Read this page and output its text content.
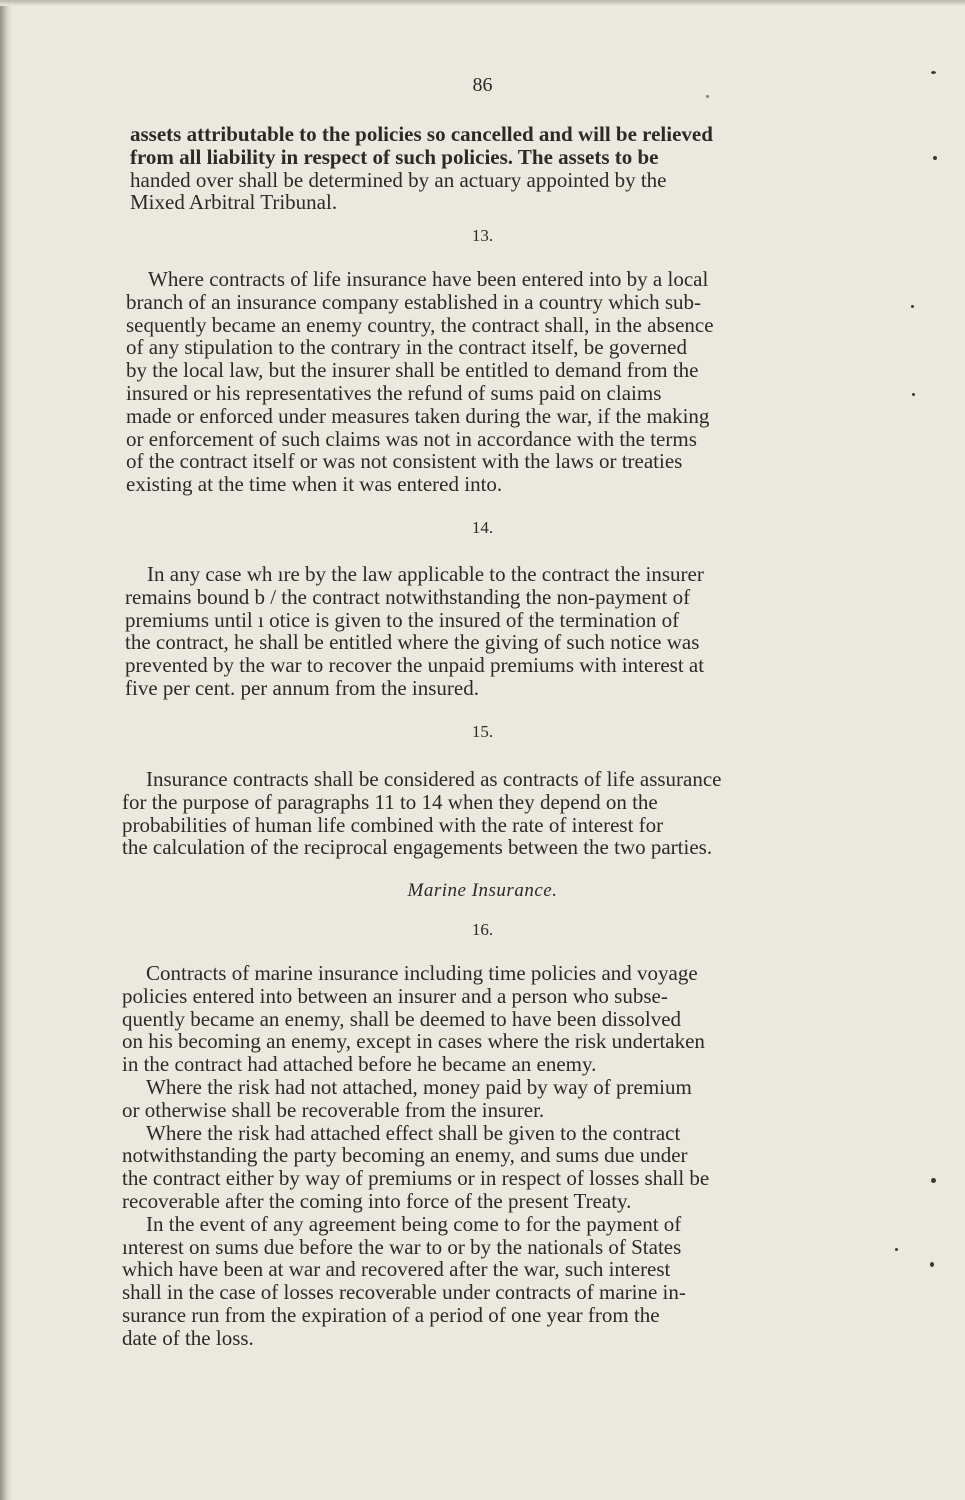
86

assets attributable to the policies so cancelled and will be relieved
from all liability in respect of such policies. The assets to be
handed over shall be determined by an actuary appointed by the
Mixed Arbitral Tribunal.

13.

Where contracts of life insurance have been entered into by a local
branch of an insurance company established in a country which sub-
sequently became an enemy country, the contract shall, in the absence
of any stipulation to the contrary in the contract itself, be governed
by the local law, but the insurer shall be entitled to demand from the
insured or his representatives the refund of sums paid on claims
made or enforced under measures taken during the war, if the making
or enforcement of such claims was not in accordance with the terms
of the contract itself or was not consistent with the laws or treaties
existing at the time when it was entered into.

14.

In any case wh ıre by the law applicable to the contract the insurer
remains bound b / the contract notwithstanding the non-payment of
premiums until ı otice is given to the insured of the termination of
the contract, he shall be entitled where the giving of such notice was
prevented by the war to recover the unpaid premiums with interest at
five per cent. per annum from the insured.

15.

Insurance contracts shall be considered as contracts of life assurance
for the purpose of paragraphs 11 to 14 when they depend on the
probabilities of human life combined with the rate of interest for
the calculation of the reciprocal engagements between the two parties.

Marine Insurance.

16.

Contracts of marine insurance including time policies and voyage
policies entered into between an insurer and a person who subse-
quently became an enemy, shall be deemed to have been dissolved
on his becoming an enemy, except in cases where the risk undertaken
in the contract had attached before he became an enemy.
Where the risk had not attached, money paid by way of premium
or otherwise shall be recoverable from the insurer.
Where the risk had attached effect shall be given to the contract
notwithstanding the party becoming an enemy, and sums due under
the contract either by way of premiums or in respect of losses shall be
recoverable after the coming into force of the present Treaty.
In the event of any agreement being come to for the payment of
ınterest on sums due before the war to or by the nationals of States
which have been at war and recovered after the war, such interest
shall in the case of losses recoverable under contracts of marine in-
surance run from the expiration of a period of one year from the
date of the loss.
